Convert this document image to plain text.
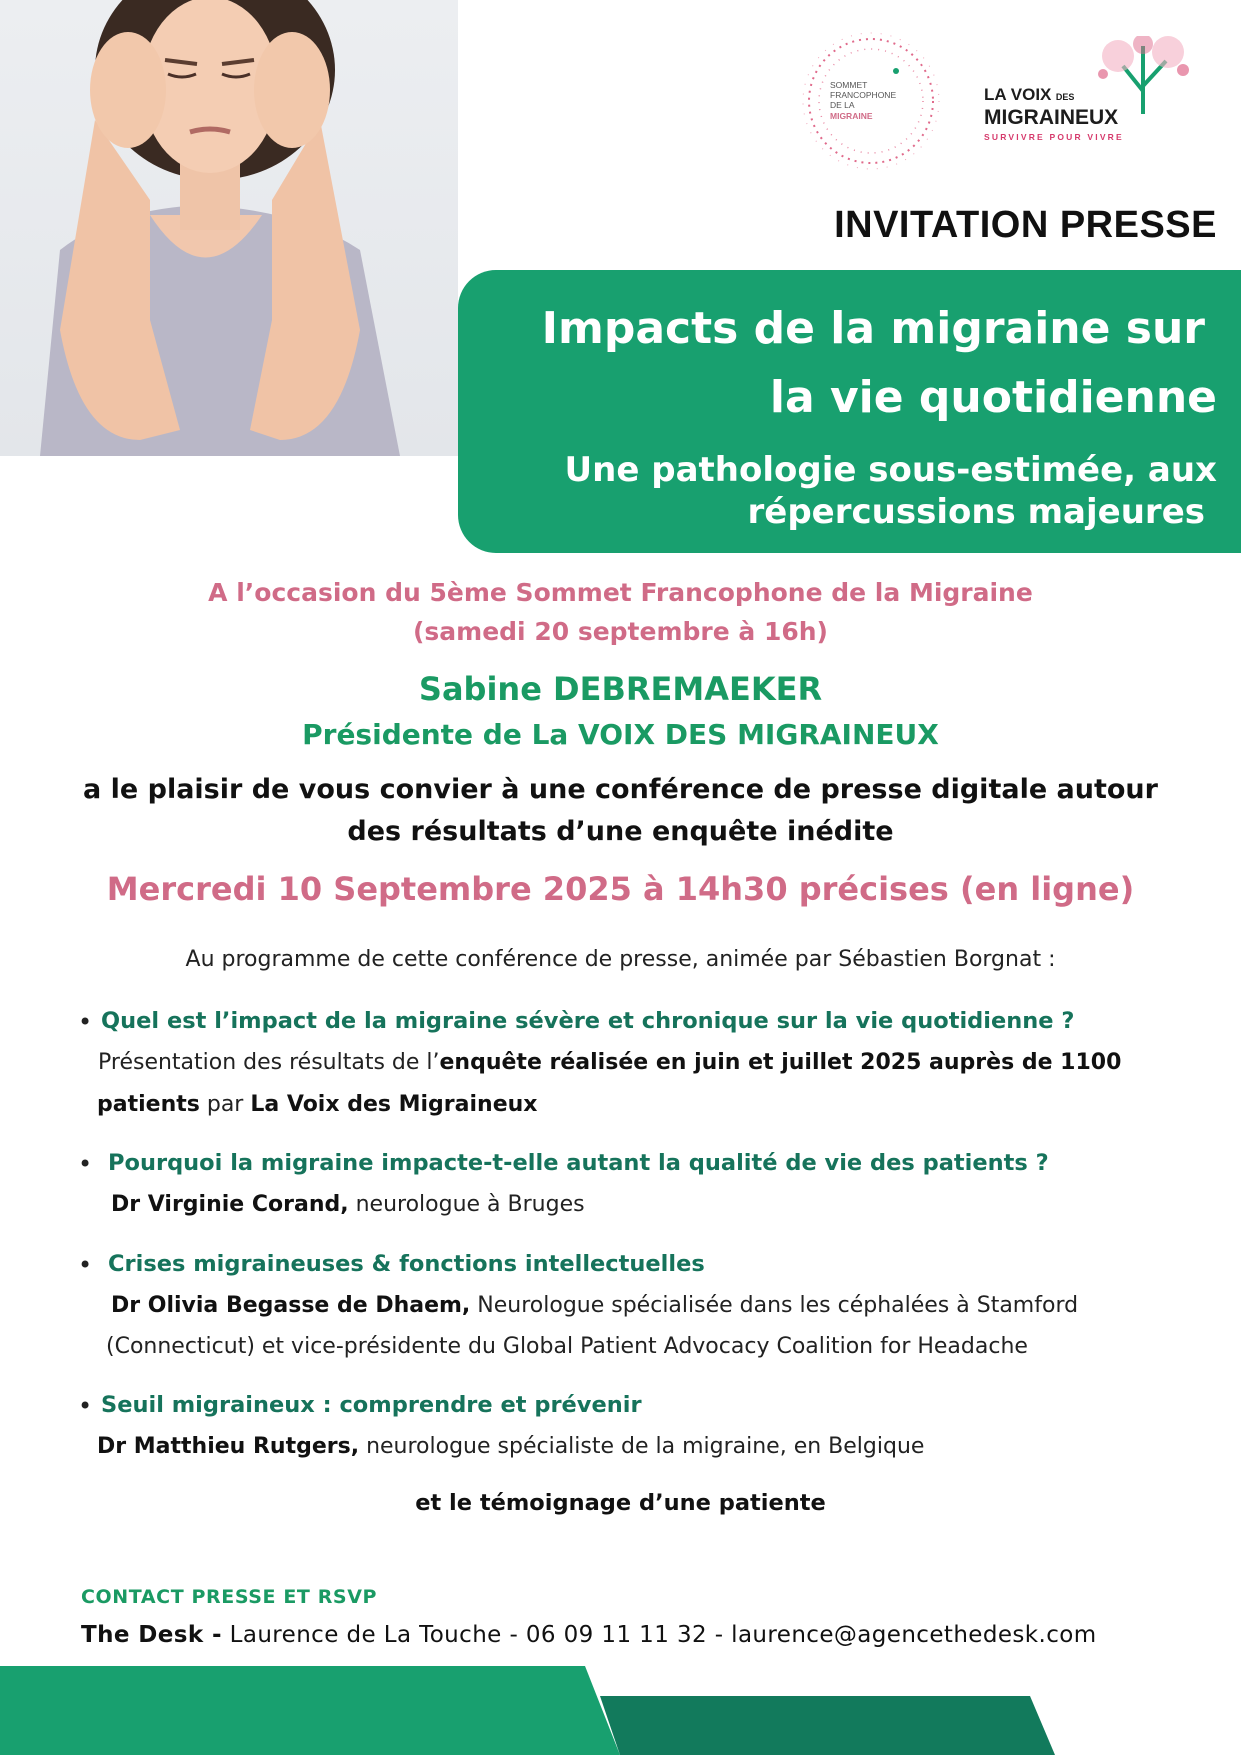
SOMMET
FRANCOPHONE
DE LA
MIGRAINE
LA VOIX DES
MIGRAINEUX
SURVIVRE POUR VIVRE
INVITATION PRESSE
Impacts de la migraine sur
la vie quotidienne
Une pathologie sous-estimée, aux
répercussions majeures
A l’occasion du 5ème Sommet Francophone de la Migraine
(samedi 20 septembre à 16h)
Sabine DEBREMAEKER
Présidente de La VOIX DES MIGRAINEUX
a le plaisir de vous convier à une conférence de presse digitale autour
des résultats d’une enquête inédite
Mercredi 10 Septembre 2025 à 14h30 précises (en ligne)
Au programme de cette conférence de presse, animée par Sébastien Borgnat :
• Quel est l’impact de la migraine sévère et chronique sur la vie quotidienne ?
Présentation des résultats de l’enquête réalisée en juin et juillet 2025 auprès de 1100
patients par La Voix des Migraineux
• Pourquoi la migraine impacte-t-elle autant la qualité de vie des patients ?
Dr Virginie Corand, neurologue à Bruges
• Crises migraineuses & fonctions intellectuelles
Dr Olivia Begasse de Dhaem, Neurologue spécialisée dans les céphalées à Stamford
(Connecticut) et vice-présidente du Global Patient Advocacy Coalition for Headache
• Seuil migraineux : comprendre et prévenir
Dr Matthieu Rutgers, neurologue spécialiste de la migraine, en Belgique
et le témoignage d’une patiente
CONTACT PRESSE ET RSVP
The Desk - Laurence de La Touche - 06 09 11 11 32 - laurence@agencethedesk.com
